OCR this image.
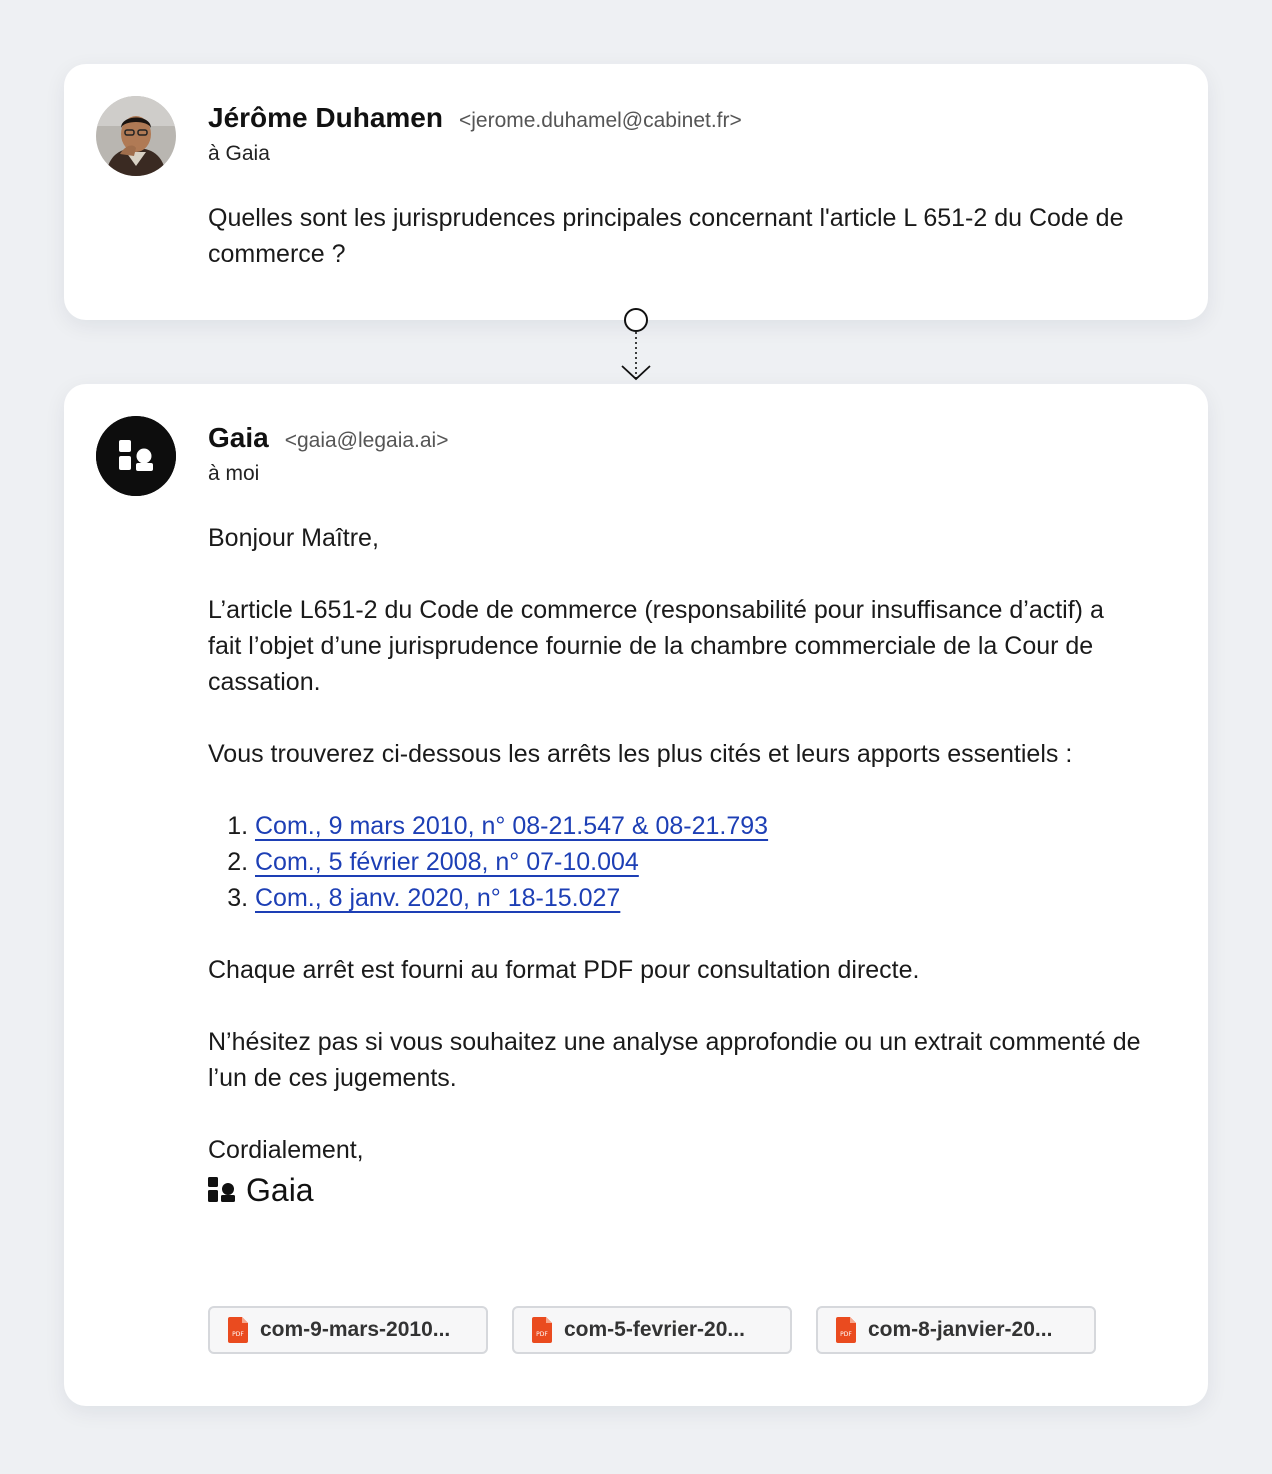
Jérôme Duhamen <jerome.duhamel@cabinet.fr>
à Gaia

Quelles sont les jurisprudences principales concernant l'article L 651-2 du Code de commerce ?

Gaia <gaia@legaia.ai>
à moi

Bonjour Maître,

L’article L651-2 du Code de commerce (responsabilité pour insuffisance d’actif) a fait l’objet d’une jurisprudence fournie de la chambre commerciale de la Cour de cassation.

Vous trouverez ci-dessous les arrêts les plus cités et leurs apports essentiels :

1. Com., 9 mars 2010, n° 08-21.547 & 08-21.793
2. Com., 5 février 2008, n° 07-10.004
3. Com., 8 janv. 2020, n° 18-15.027

Chaque arrêt est fourni au format PDF pour consultation directe.

N’hésitez pas si vous souhaitez une analyse approfondie ou un extrait commenté de l’un de ces jugements.

Cordialement,

Gaia
PDF com-9-mars-2010...	PDF com-5-fevrier-20...	PDF com-8-janvier-20...
